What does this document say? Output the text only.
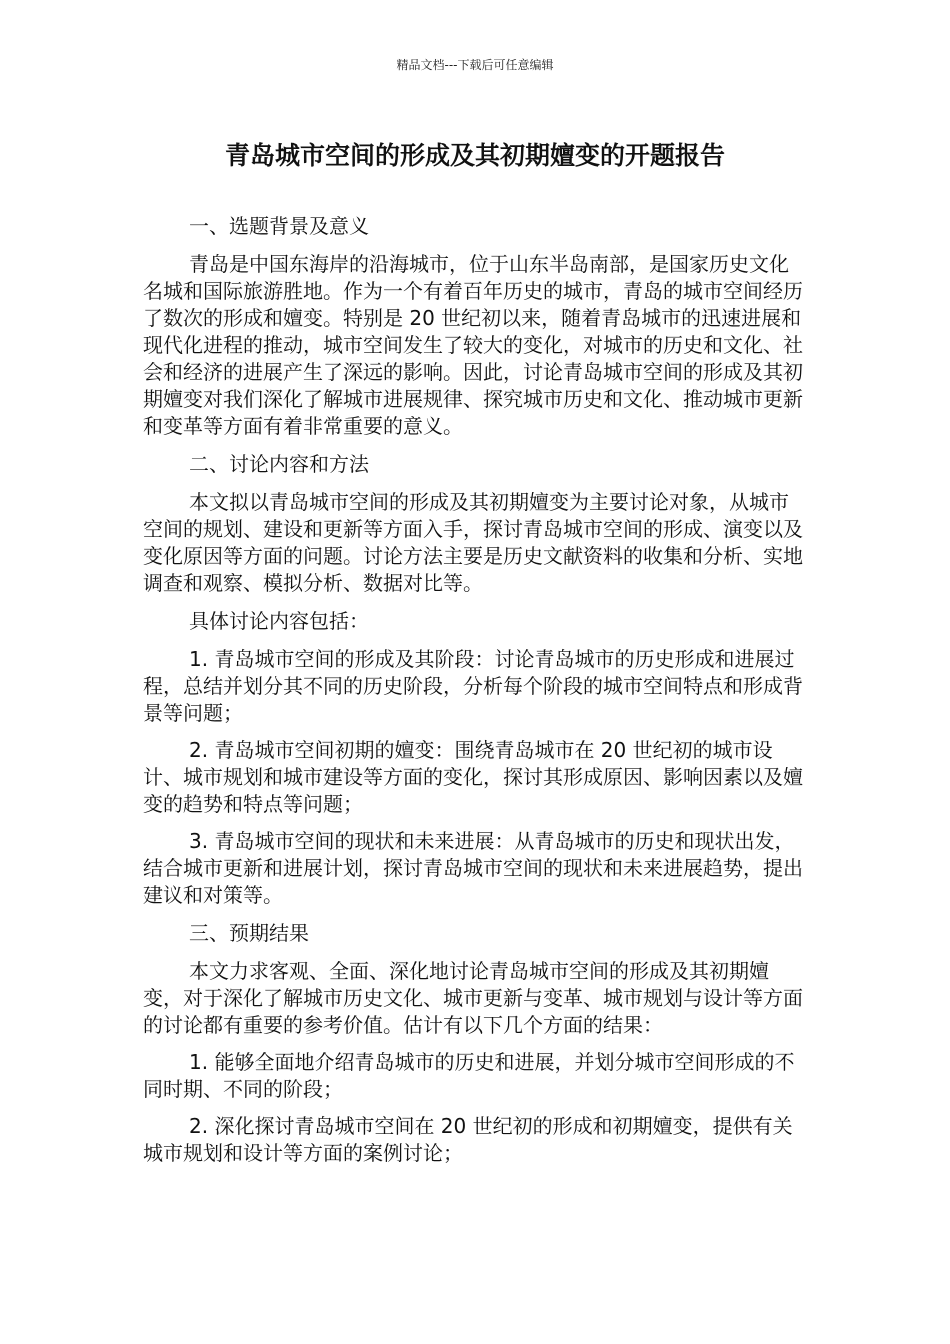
精品文档---下载后可任意编辑
青岛城市空间的形成及其初期嬗变的开题报告
一、选题背景及意义

青岛是中国东海岸的沿海城市，位于山东半岛南部，是国家历史文化名城和国际旅游胜地。作为一个有着百年历史的城市，青岛的城市空间经历了数次的形成和嬗变。特别是 20 世纪初以来，随着青岛城市的迅速进展和现代化进程的推动，城市空间发生了较大的变化，对城市的历史和文化、社会和经济的进展产生了深远的影响。因此，讨论青岛城市空间的形成及其初期嬗变对我们深化了解城市进展规律、探究城市历史和文化、推动城市更新和变革等方面有着非常重要的意义。

二、讨论内容和方法

本文拟以青岛城市空间的形成及其初期嬗变为主要讨论对象，从城市空间的规划、建设和更新等方面入手，探讨青岛城市空间的形成、演变以及变化原因等方面的问题。讨论方法主要是历史文献资料的收集和分析、实地调查和观察、模拟分析、数据对比等。

具体讨论内容包括：

1. 青岛城市空间的形成及其阶段：讨论青岛城市的历史形成和进展过程，总结并划分其不同的历史阶段，分析每个阶段的城市空间特点和形成背景等问题；

2. 青岛城市空间初期的嬗变：围绕青岛城市在 20 世纪初的城市设计、城市规划和城市建设等方面的变化，探讨其形成原因、影响因素以及嬗变的趋势和特点等问题；

3. 青岛城市空间的现状和未来进展：从青岛城市的历史和现状出发，结合城市更新和进展计划，探讨青岛城市空间的现状和未来进展趋势，提出建议和对策等。

三、预期结果

本文力求客观、全面、深化地讨论青岛城市空间的形成及其初期嬗变，对于深化了解城市历史文化、城市更新与变革、城市规划与设计等方面的讨论都有重要的参考价值。估计有以下几个方面的结果：

1. 能够全面地介绍青岛城市的历史和进展，并划分城市空间形成的不同时期、不同的阶段；

2. 深化探讨青岛城市空间在 20 世纪初的形成和初期嬗变，提供有关城市规划和设计等方面的案例讨论；
